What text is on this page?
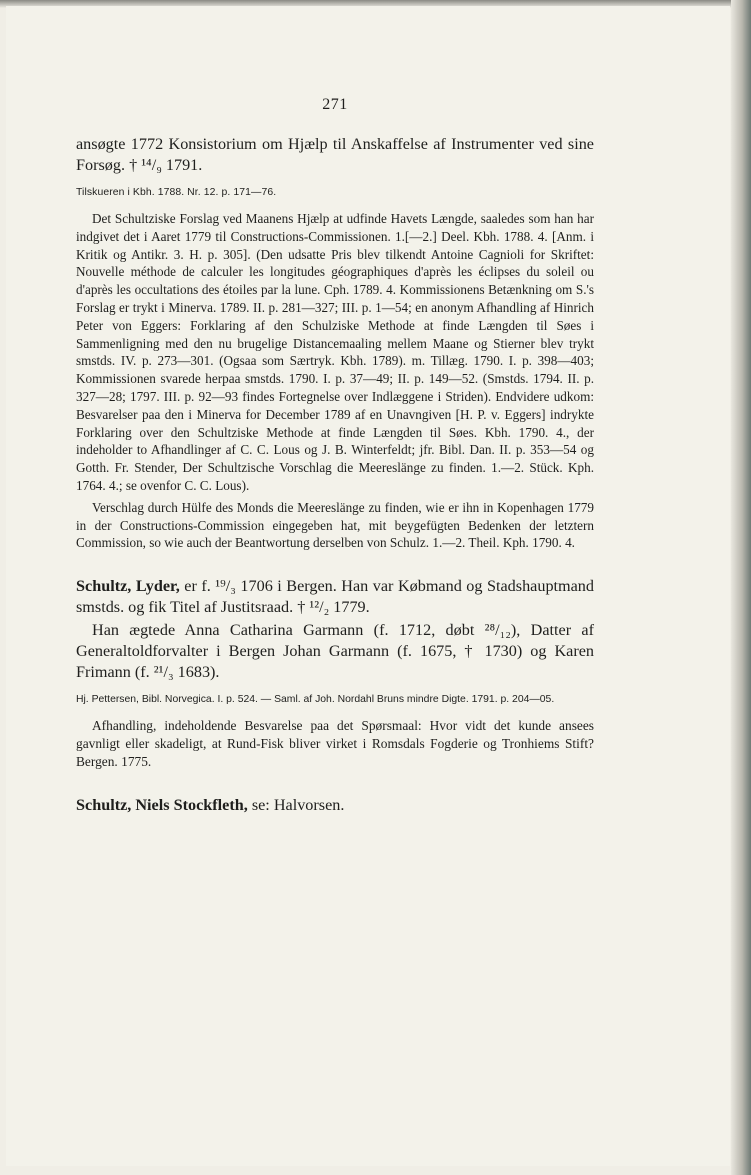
271

ansøgte 1772 Konsistorium om Hjælp til Anskaffelse af Instrumenter ved sine Forsøg. † ¹⁴/₉ 1791.

Tilskueren i Kbh. 1788. Nr. 12. p. 171—76.

Det Schultziske Forslag ved Maanens Hjælp at udfinde Havets Længde, saaledes som han har indgivet det i Aaret 1779 til Constructions-Commissionen. 1.[—2.] Deel. Kbh. 1788. 4. [Anm. i Kritik og Antikr. 3. H. p. 305]. (Den udsatte Pris blev tilkendt Antoine Cagnioli for Skriftet: Nouvelle méthode de calculer les longitudes géographiques d'après les éclipses du soleil ou d'après les occultations des étoiles par la lune. Cph. 1789. 4. Kommissionens Betænkning om S.'s Forslag er trykt i Minerva. 1789. II. p. 281—327; III. p. 1—54; en anonym Afhandling af Hinrich Peter von Eggers: Forklaring af den Schulziske Methode at finde Længden til Søes i Sammenligning med den nu brugelige Distancemaaling mellem Maane og Stierner blev trykt smstds. IV. p. 273—301. (Ogsaa som Særtryk. Kbh. 1789). m. Tillæg. 1790. I. p. 398—403; Kommissionen svarede herpaa smstds. 1790. I. p. 37—49; II. p. 149—52. (Smstds. 1794. II. p. 327—28; 1797. III. p. 92—93 findes Fortegnelse over Indlæggene i Striden). Endvidere udkom: Besvarelser paa den i Minerva for December 1789 af en Unavngiven [H. P. v. Eggers] indrykte Forklaring over den Schultziske Methode at finde Længden til Søes. Kbh. 1790. 4., der indeholder to Afhandlinger af C. C. Lous og J. B. Winterfeldt; jfr. Bibl. Dan. II. p. 353—54 og Gotth. Fr. Stender, Der Schultzische Vorschlag die Meereslänge zu finden. 1.—2. Stück. Kph. 1764. 4.; se ovenfor C. C. Lous).

Verschlag durch Hülfe des Monds die Meereslänge zu finden, wie er ihn in Kopenhagen 1779 in der Constructions-Commission eingegeben hat, mit beygefügten Bedenken der letztern Commission, so wie auch der Beantwortung derselben von Schulz. 1.—2. Theil. Kph. 1790. 4.

Schultz, Lyder, er f. ¹⁹/₃ 1706 i Bergen. Han var Købmand og Stadshauptmand smstds. og fik Titel af Justitsraad. † ¹²/₂ 1779.

Han ægtede Anna Catharina Garmann (f. 1712, døbt ²⁸/₁₂), Datter af Generaltoldforvalter i Bergen Johan Garmann (f. 1675, † 1730) og Karen Frimann (f. ²¹/₃ 1683).

Hj. Pettersen, Bibl. Norvegica. I. p. 524. — Saml. af Joh. Nordahl Bruns mindre Digte. 1791. p. 204—05.

Afhandling, indeholdende Besvarelse paa det Spørsmaal: Hvor vidt det kunde ansees gavnligt eller skadeligt, at Rund-Fisk bliver virket i Romsdals Fogderie og Tronhiems Stift? Bergen. 1775.

Schultz, Niels Stockfleth, se: Halvorsen.
